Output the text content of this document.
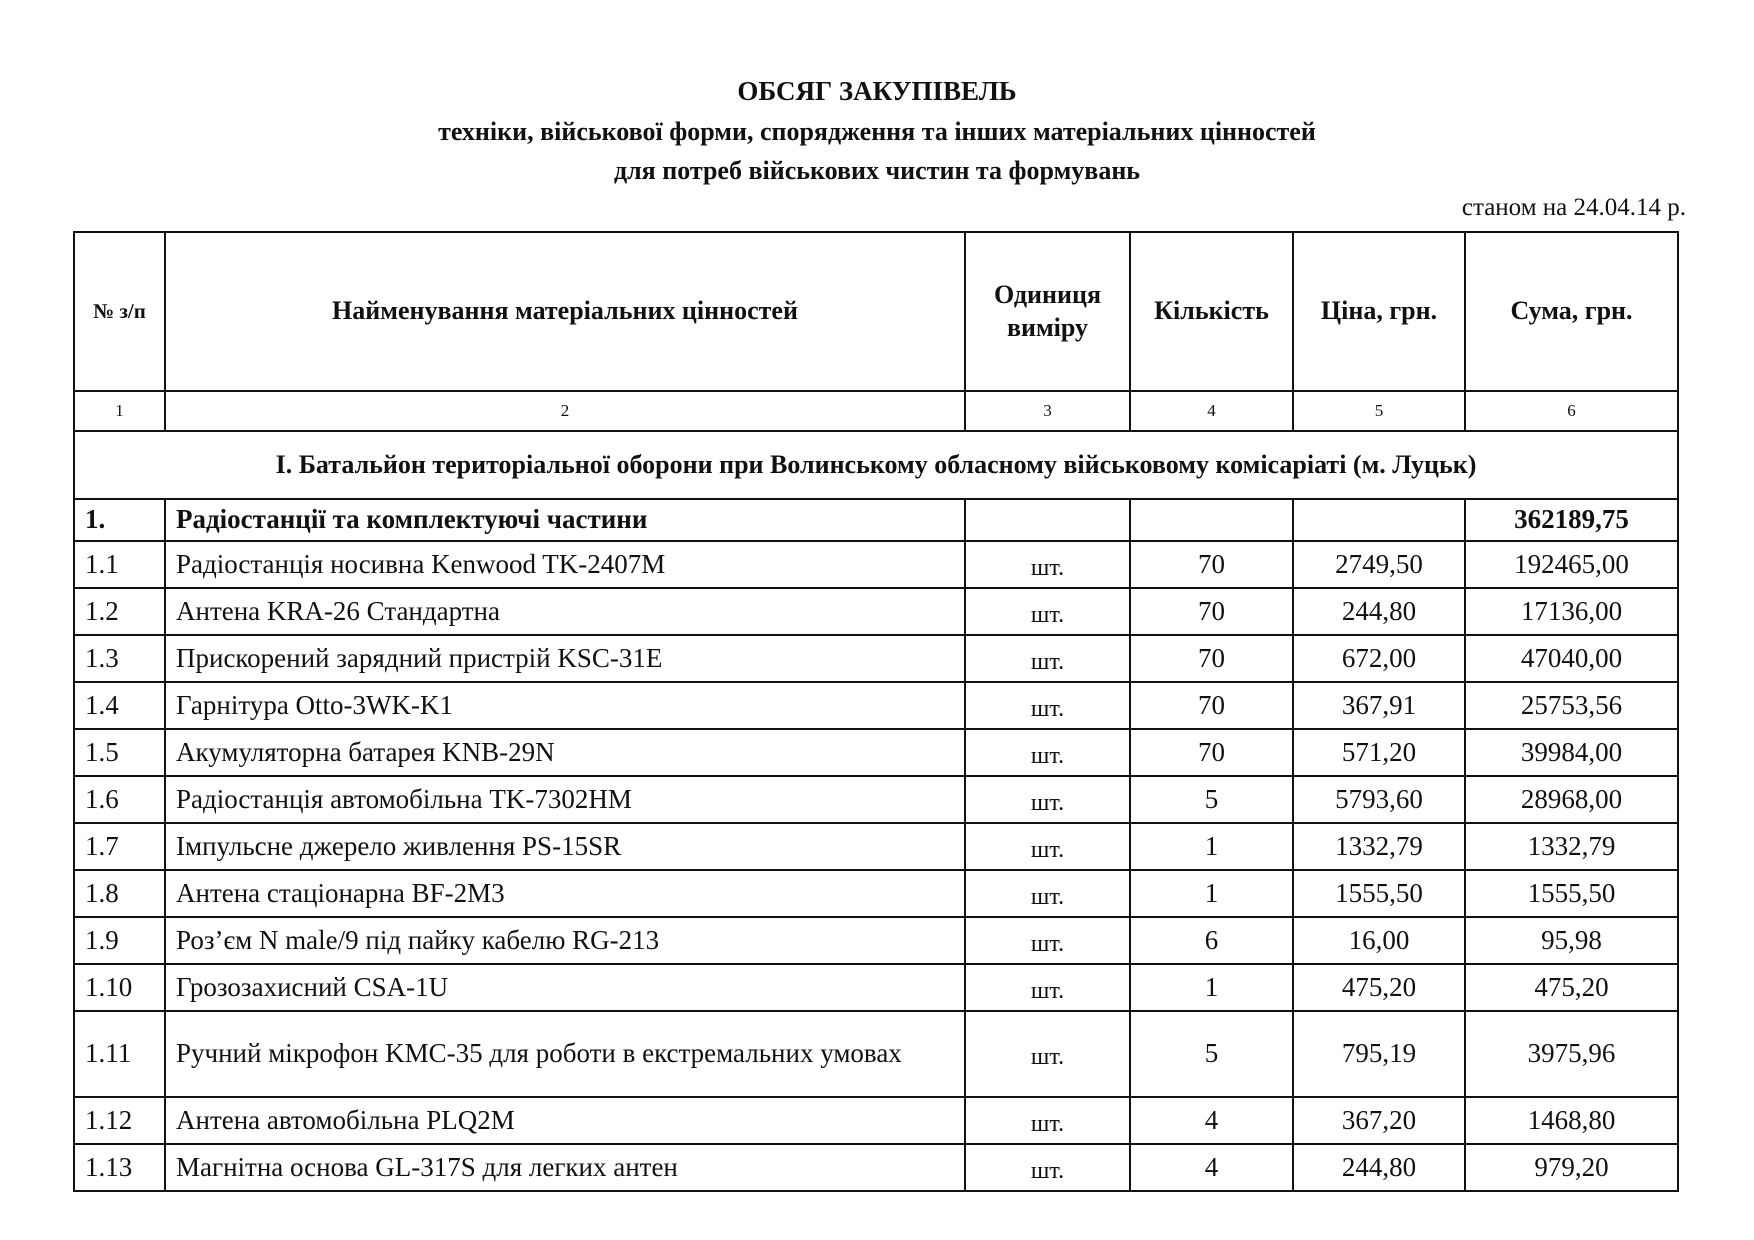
ОБСЯГ ЗАКУПІВЕЛЬ
техніки, військової форми, спорядження та інших матеріальних цінностей
для потреб військових чистин та формувань
станом на 24.04.14 р.
№ з/п	Найменування матеріальних цінностей	Одиниця виміру	Кількість	Ціна, грн.	Сума, грн.
1	2	3	4	5	6
I. Батальйон територіальної оборони при Волинському обласному військовому комісаріаті (м. Луцьк)					
1.	Радіостанції та комплектуючі частини				362189,75
1.1	Радіостанція носивна Kenwood TK-2407M	шт.	70	2749,50	192465,00
1.2	Антена KRA-26 Стандартна	шт.	70	244,80	17136,00
1.3	Прискорений зарядний пристрій KSC-31E	шт.	70	672,00	47040,00
1.4	Гарнітура Otto-3WK-K1	шт.	70	367,91	25753,56
1.5	Акумуляторна батарея KNB-29N	шт.	70	571,20	39984,00
1.6	Радіостанція автомобільна TK-7302HM	шт.	5	5793,60	28968,00
1.7	Імпульсне джерело живлення PS-15SR	шт.	1	1332,79	1332,79
1.8	Антена стаціонарна BF-2M3	шт.	1	1555,50	1555,50
1.9	Роз’єм N male/9 під пайку кабелю RG-213	шт.	6	16,00	95,98
1.10	Грозозахисний CSA-1U	шт.	1	475,20	475,20
1.11	Ручний мікрофон KMC-35 для роботи в екстремальних умовах	шт.	5	795,19	3975,96
1.12	Антена автомобільна PLQ2M	шт.	4	367,20	1468,80
1.13	Магнітна основа GL-317S для легких антен	шт.	4	244,80	979,20
